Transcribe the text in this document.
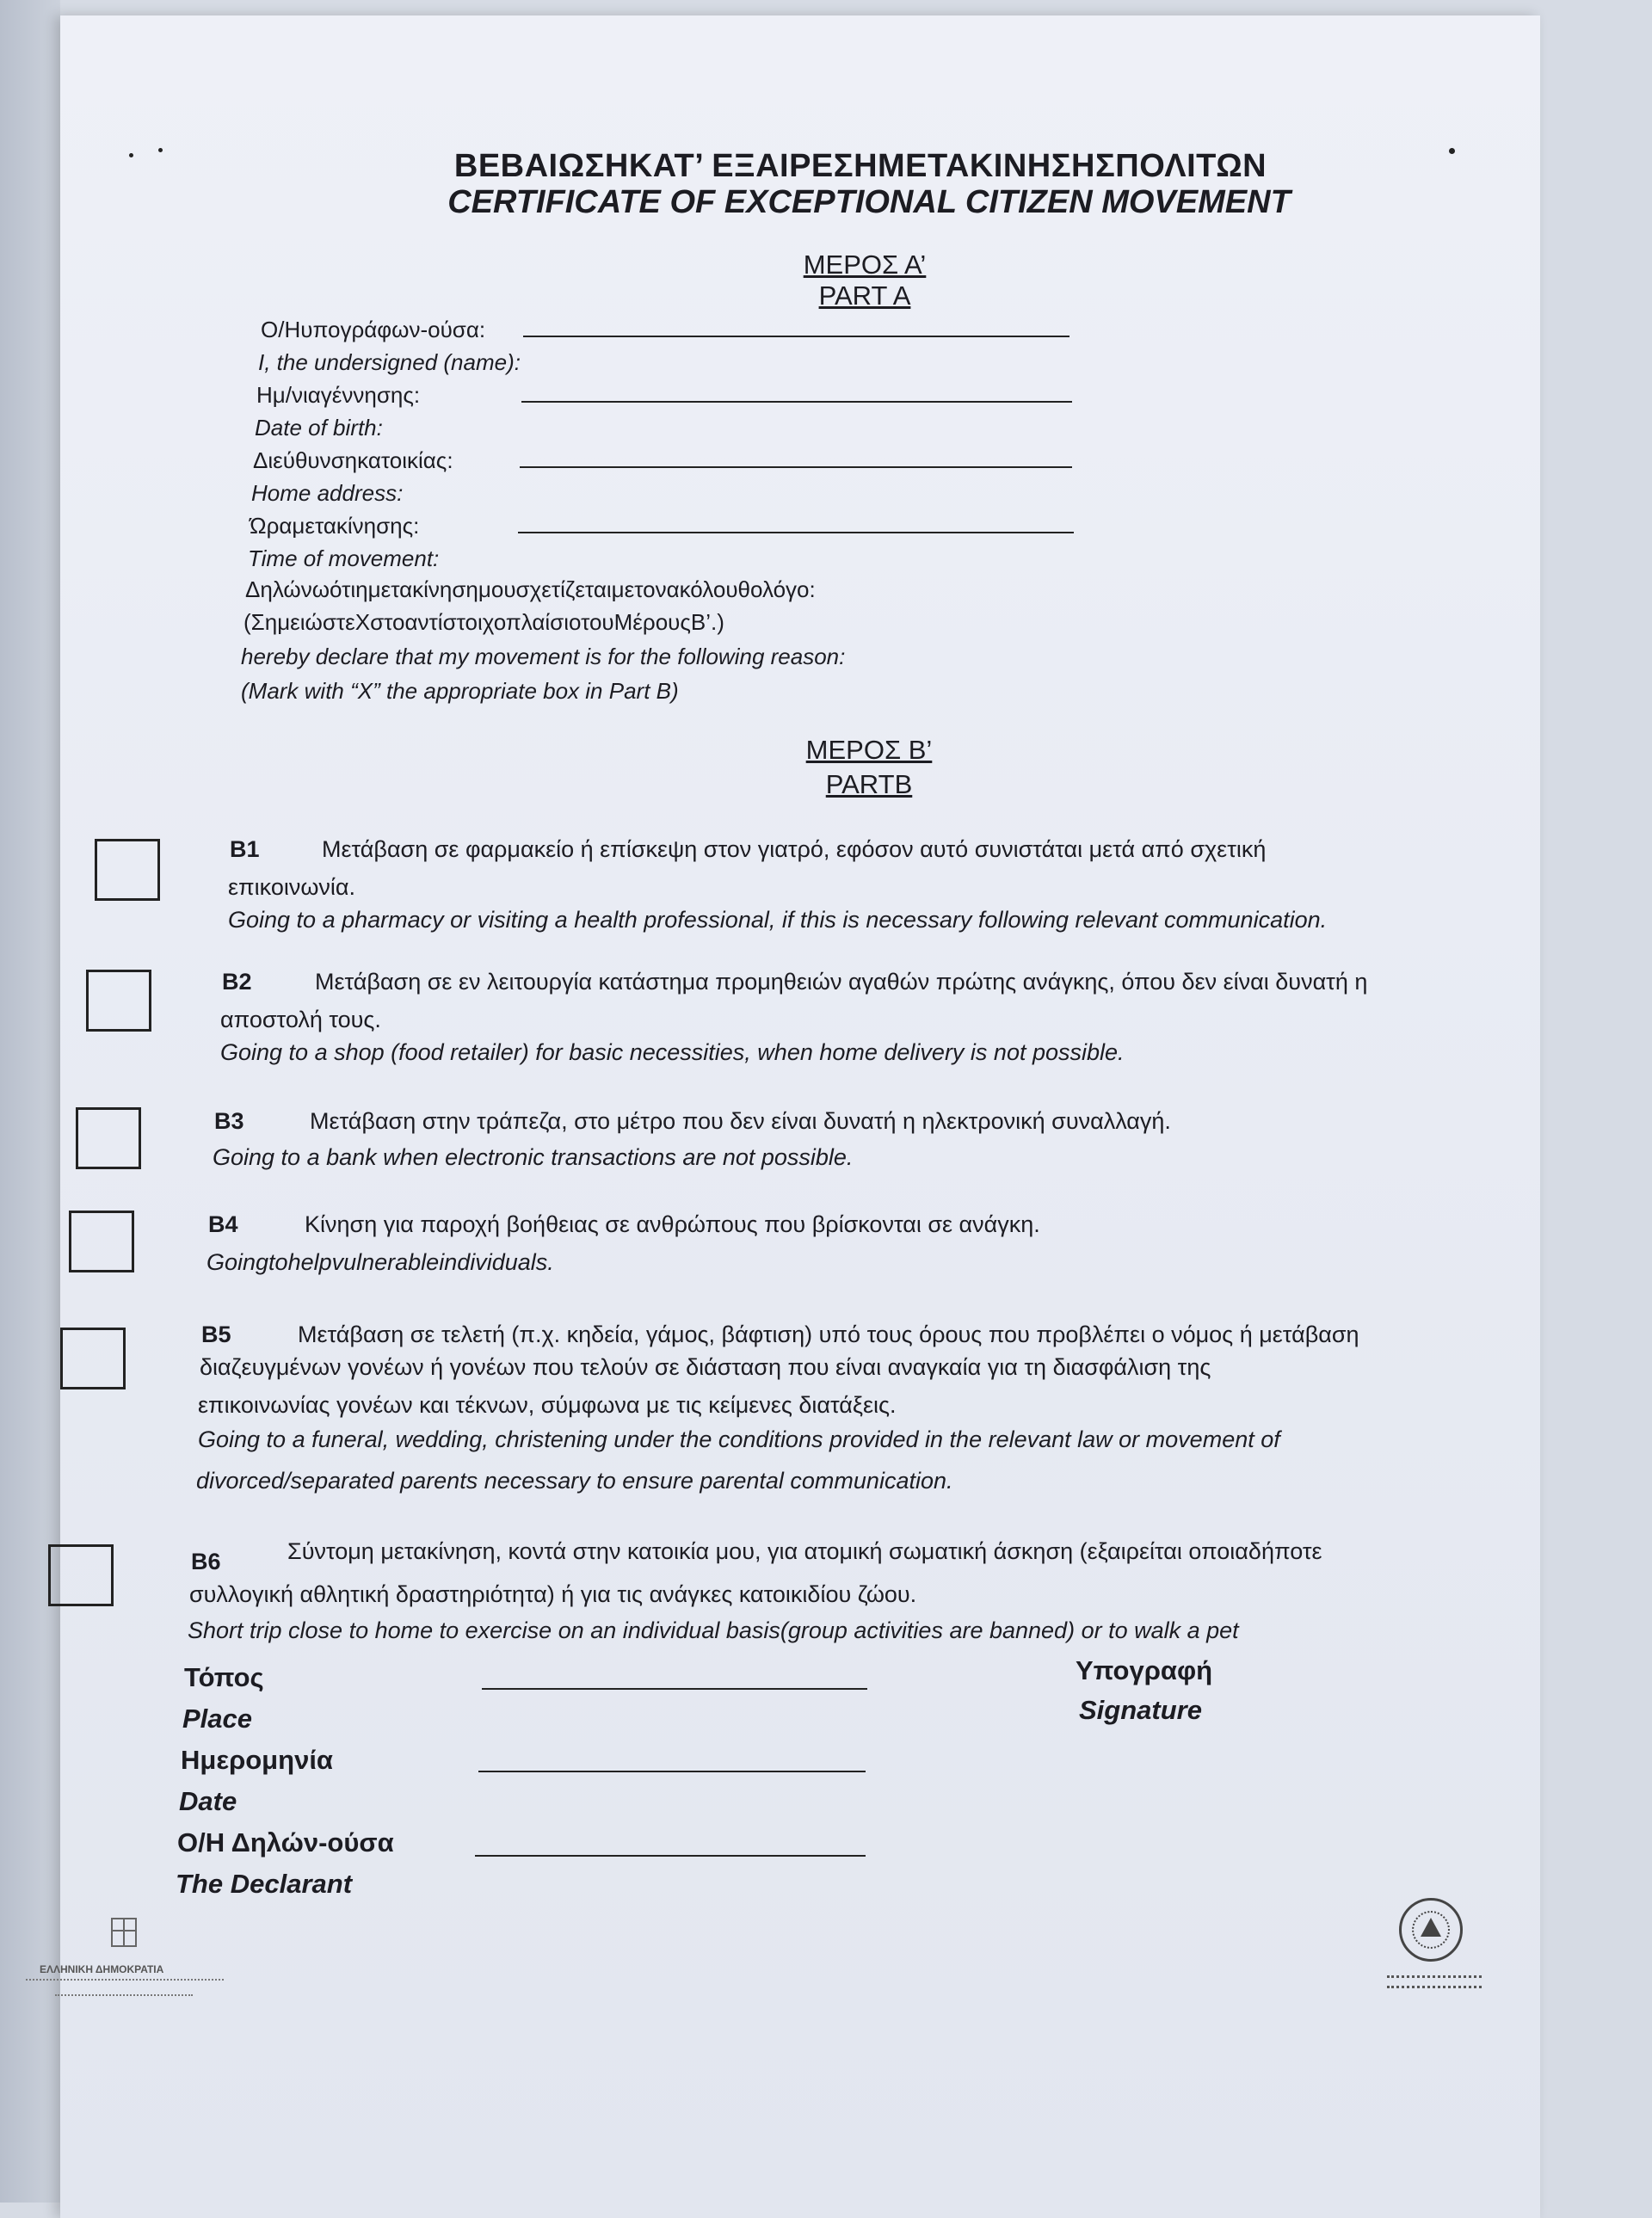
ΒΕΒΑΙΩΣΗΚΑΤ’ ΕΞΑΙΡΕΣΗΜΕΤΑΚΙΝΗΣΗΣΠΟΛΙΤΩΝ
CERTIFICATE OF EXCEPTIONAL CITIZEN MOVEMENT
ΜΕΡΟΣ Α’
PART A
Ο/Ηυπογράφων-ούσα:
I, the undersigned (name):
Ημ/νιαγέννησης:
Date of birth:
Διεύθυνσηκατοικίας:
Home address:
Ώραμετακίνησης:
Time of movement:
Δηλώνωότιημετακίνησημουσχετίζεταιμετονακόλουθολόγο:
(ΣημειώστεΧστοαντίστοιχοπλαίσιοτουΜέρουςΒ’.)
hereby declare that my movement is for the following reason:
(Mark with “X” the appropriate box in Part B)
ΜΕΡΟΣ Β’
PARTB
B1	Μετάβαση σε φαρμακείο ή επίσκεψη στον γιατρό, εφόσον αυτό συνιστάται μετά από σχετική
επικοινωνία.
Going to a pharmacy or visiting a health professional, if this is necessary following relevant communication.
B2	Μετάβαση σε εν λειτουργία κατάστημα προμηθειών αγαθών πρώτης ανάγκης, όπου δεν είναι δυνατή η
αποστολή τους.
Going to a shop (food retailer) for basic necessities, when home delivery is not possible.
B3	Μετάβαση στην τράπεζα, στο μέτρο που δεν είναι δυνατή η ηλεκτρονική συναλλαγή.
Going to a bank when electronic transactions are not possible.
B4	Κίνηση για παροχή βοήθειας σε ανθρώπους που βρίσκονται σε ανάγκη.
Goingtohelpvulnerableindividuals.
B5	Μετάβαση σε τελετή (π.χ. κηδεία, γάμος, βάφτιση) υπό τους όρους που προβλέπει ο νόμος ή μετάβαση
διαζευγμένων γονέων ή γονέων που τελούν σε διάσταση που είναι αναγκαία για τη διασφάλιση της
επικοινωνίας γονέων και τέκνων, σύμφωνα με τις κείμενες διατάξεις.
Going to a funeral, wedding, christening under the conditions provided in the relevant law or movement of
divorced/separated parents necessary to ensure parental communication.
B6	Σύντομη μετακίνηση, κοντά στην κατοικία μου, για ατομική σωματική άσκηση (εξαιρείται οποιαδήποτε
συλλογική αθλητική δραστηριότητα) ή για τις ανάγκες κατοικιδίου ζώου.
Short trip close to home to exercise on an individual basis(group activities are banned) or to walk a pet
Τόπος
Place
Ημερομηνία
Date
Ο/Η Δηλών-ούσα
The Declarant
Υπογραφή
Signature
ΕΛΛΗΝΙΚΗ ΔΗΜΟΚΡΑΤΙΑ
